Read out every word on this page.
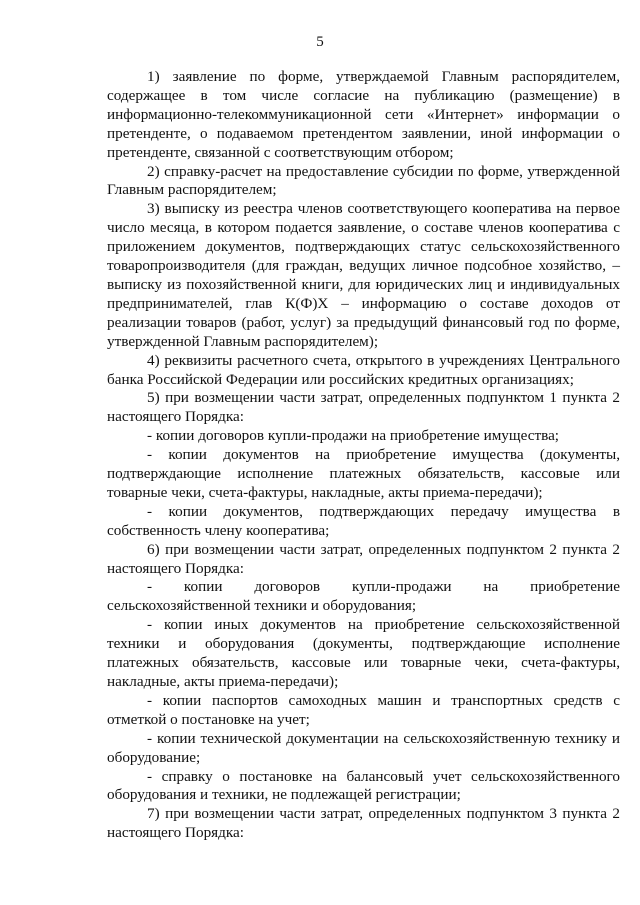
5

1) заявление по форме, утверждаемой Главным распорядителем, содержащее в том числе согласие на публикацию (размещение) в информационно-телекоммуникационной сети «Интернет» информации о претенденте, о подаваемом претендентом заявлении, иной информации о претенденте, связанной с соответствующим отбором;

2) справку-расчет на предоставление субсидии по форме, утвержденной Главным распорядителем;

3) выписку из реестра членов соответствующего кооператива на первое число месяца, в котором подается заявление, о составе членов кооператива с приложением документов, подтверждающих статус сельскохозяйственного товаропроизводителя (для граждан, ведущих личное подсобное хозяйство, – выписку из похозяйственной книги, для юридических лиц и индивидуальных предпринимателей, глав К(Ф)Х – информацию о составе доходов от реализации товаров (работ, услуг) за предыдущий финансовый год по форме, утвержденной Главным распорядителем);

4) реквизиты расчетного счета, открытого в учреждениях Центрального банка Российской Федерации или российских кредитных организациях;

5) при возмещении части затрат, определенных подпунктом 1 пункта 2 настоящего Порядка:

- копии договоров купли-продажи на приобретение имущества;

- копии документов на приобретение имущества (документы, подтверждающие исполнение платежных обязательств, кассовые или товарные чеки, счета-фактуры, накладные, акты приема-передачи);

- копии документов, подтверждающих передачу имущества в собственность члену кооператива;

6) при возмещении части затрат, определенных подпунктом 2 пункта 2 настоящего Порядка:

- копии договоров купли-продажи на приобретение сельскохозяйственной техники и оборудования;

- копии иных документов на приобретение сельскохозяйственной техники и оборудования (документы, подтверждающие исполнение платежных обязательств, кассовые или товарные чеки, счета-фактуры, накладные, акты приема-передачи);

- копии паспортов самоходных машин и транспортных средств с отметкой о постановке на учет;

- копии технической документации на сельскохозяйственную технику и оборудование;

- справку о постановке на балансовый учет сельскохозяйственного оборудования и техники, не подлежащей регистрации;

7) при возмещении части затрат, определенных подпунктом 3 пункта 2 настоящего Порядка:
